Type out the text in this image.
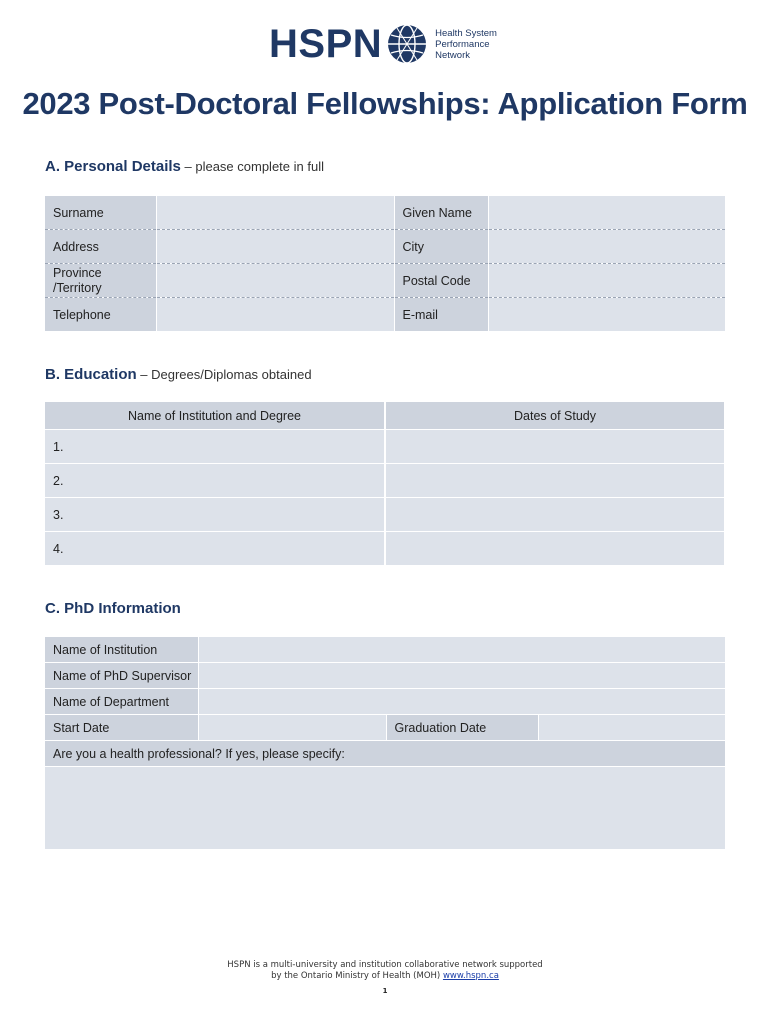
HSPN	Health System
Performance
Network
2023 Post-Doctoral Fellowships: Application Form
A. Personal Details – please complete in full
Surname		Given Name	
Address		City	
Province /Territory		Postal Code	
Telephone		E-mail	
B. Education – Degrees/Diplomas obtained
Name of Institution and Degree	Dates of Study
1.	
2.	
3.	
4.	
C. PhD Information
Name of Institution			
Name of PhD Supervisor			
Name of Department			
Start Date		Graduation Date	
Are you a health professional? If yes, please specify:			

HSPN is a multi-university and institution collaborative network supported
by the Ontario Ministry of Health (MOH) www.hspn.ca
1
